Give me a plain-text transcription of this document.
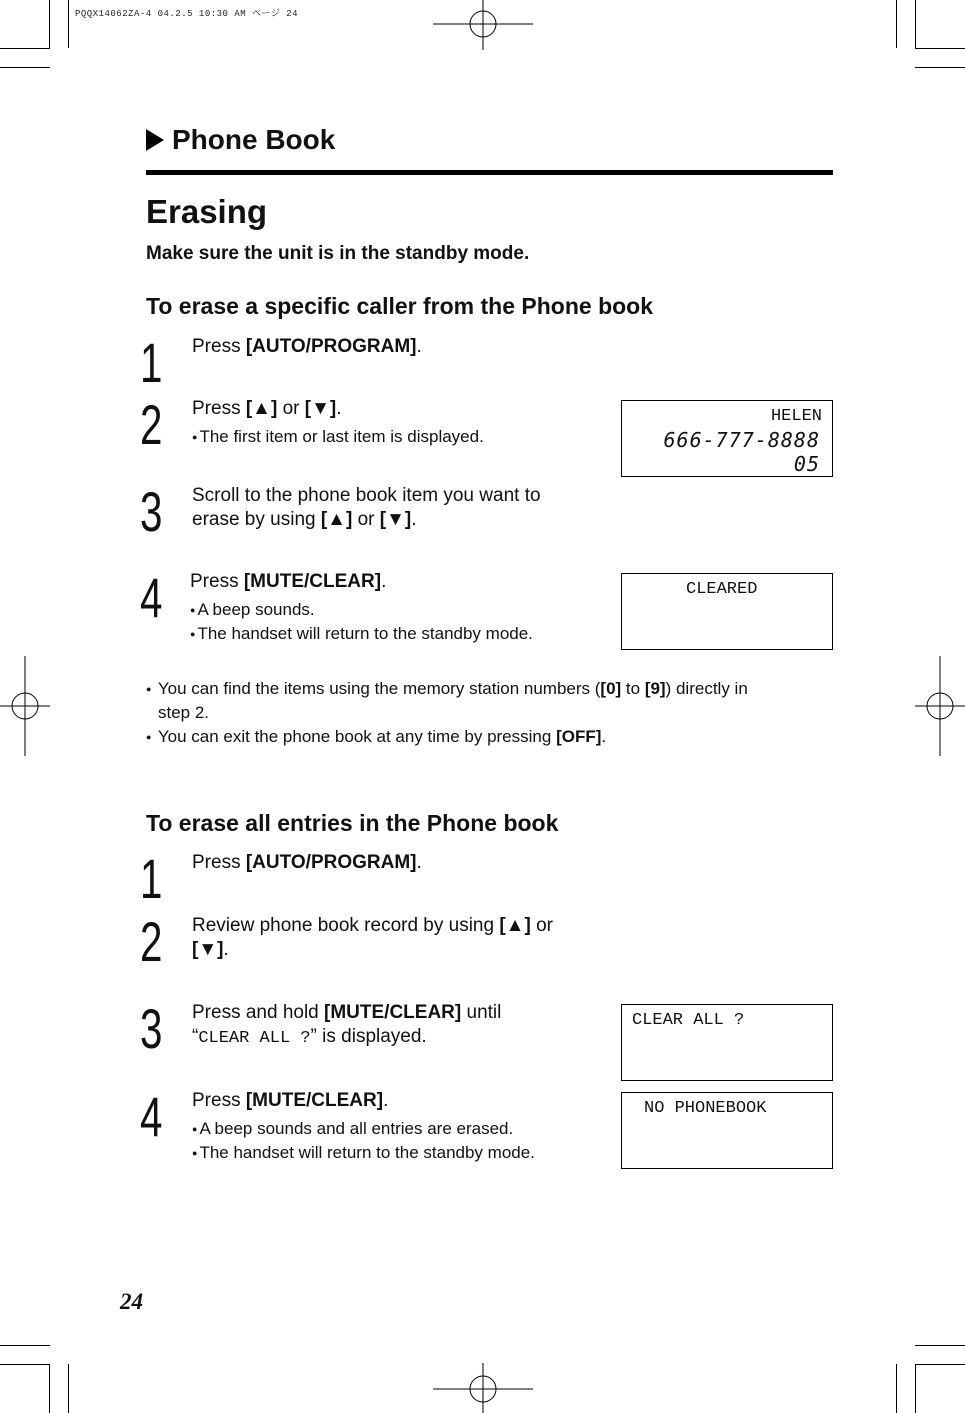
PQQX14062ZA-4 04.2.5 10:30 AM ページ 24
Phone Book
Erasing
Make sure the unit is in the standby mode.
To erase a specific caller from the Phone book
1 Press [AUTO/PROGRAM].
2 Press [▲] or [▼].
● The first item or last item is displayed.
HELEN
666-777-8888
05
3 Scroll to the phone book item you want to
erase by using [▲] or [▼].
4 Press [MUTE/CLEAR].
● A beep sounds.
● The handset will return to the standby mode.
CLEARED
● You can find the items using the memory station numbers ([0] to [9]) directly in
step 2.
● You can exit the phone book at any time by pressing [OFF].
To erase all entries in the Phone book
1 Press [AUTO/PROGRAM].
2 Review phone book record by using [▲] or
[▼].
3 Press and hold [MUTE/CLEAR] until
“CLEAR ALL ?” is displayed.
CLEAR ALL ?
4 Press [MUTE/CLEAR].
● A beep sounds and all entries are erased.
● The handset will return to the standby mode.
NO PHONEBOOK
24
